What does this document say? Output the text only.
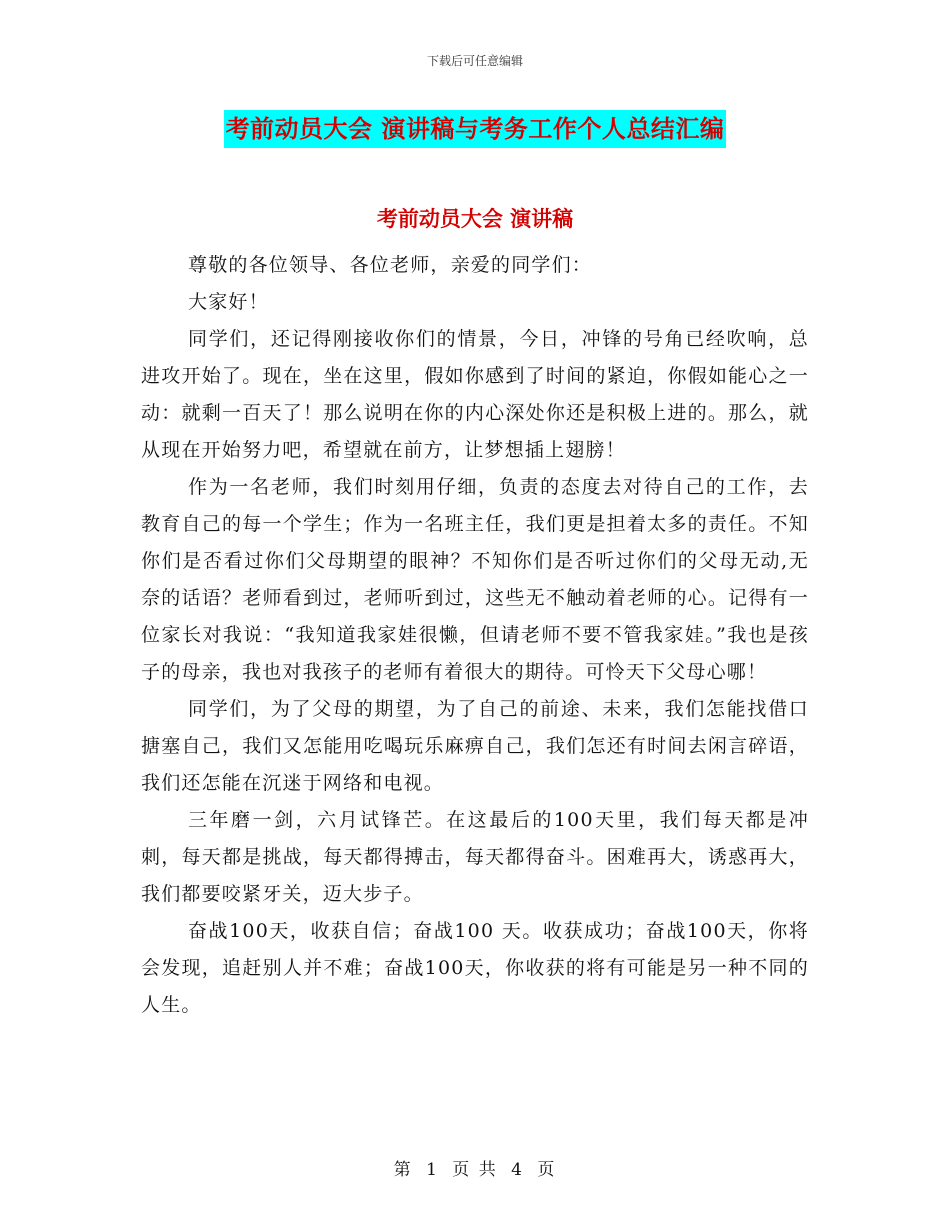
下载后可任意编辑
考前动员大会 演讲稿与考务工作个人总结汇编
考前动员大会 演讲稿

尊敬的各位领导、各位老师，亲爱的同学们：

大家好！

同学们，还记得刚接收你们的情景，今日，冲锋的号角已经吹响，总进攻开始了。现在，坐在这里，假如你感到了时间的紧迫，你假如能心之一动：就剩一百天了！那么说明在你的内心深处你还是积极上进的。那么，就从现在开始努力吧，希望就在前方，让梦想插上翅膀！

作为一名老师，我们时刻用仔细，负责的态度去对待自己的工作，去教育自己的每一个学生；作为一名班主任，我们更是担着太多的责任。不知你们是否看过你们父母期望的眼神？不知你们是否听过你们的父母无动,无奈的话语？老师看到过，老师听到过，这些无不触动着老师的心。记得有一位家长对我说：“我知道我家娃很懒，但请老师不要不管我家娃。”我也是孩子的母亲，我也对我孩子的老师有着很大的期待。可怜天下父母心哪！

同学们，为了父母的期望，为了自己的前途、未来，我们怎能找借口搪塞自己，我们又怎能用吃喝玩乐麻痹自己，我们怎还有时间去闲言碎语，我们还怎能在沉迷于网络和电视。

三年磨一剑，六月试锋芒。在这最后的100天里，我们每天都是冲刺，每天都是挑战，每天都得搏击，每天都得奋斗。困难再大，诱惑再大，我们都要咬紧牙关，迈大步子。

奋战100天，收获自信；奋战100 天。收获成功；奋战100天，你将会发现，追赶别人并不难；奋战100天，你收获的将有可能是另一种不同的人生。

第 1 页 共 4 页
